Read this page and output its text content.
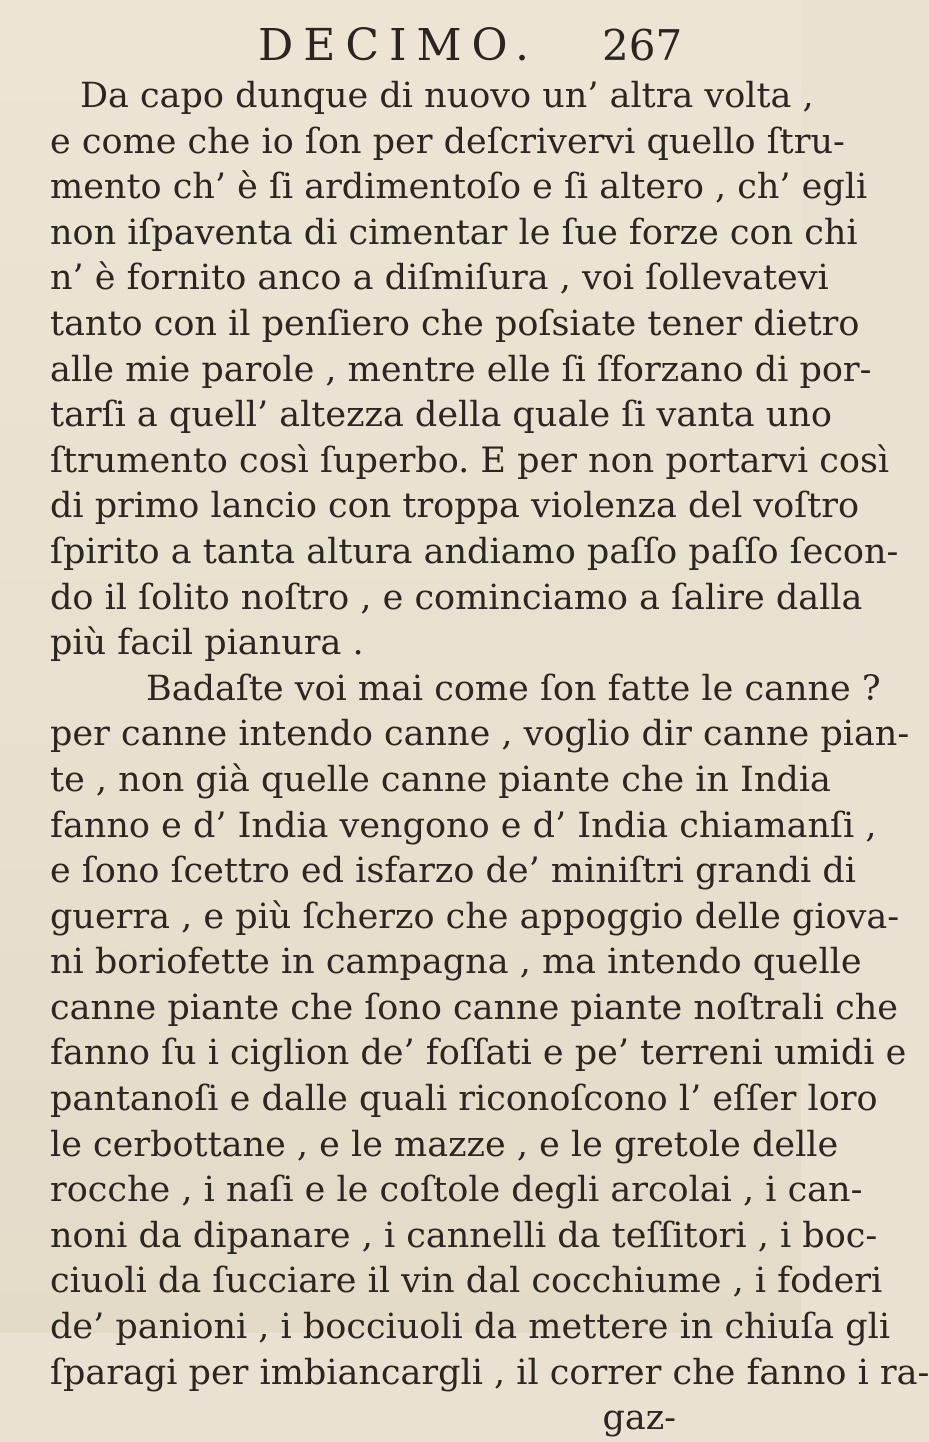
DECIMO. 267
Da capo dunque di nuovo un’ altra volta ,
e come che io ſon per deſcrivervi quello ſtru-
mento ch’ è ſi ardimentoſo e ſi altero , ch’ egli
non iſpaventa di cimentar le ſue forze con chi
n’ è fornito anco a diſmiſura , voi ſollevatevi
tanto con il penſiero che poſsiate tener dietro
alle mie parole , mentre elle ſi ſforzano di por-
tarſi a quell’ altezza della quale ſi vanta uno
ſtrumento così ſuperbo. E per non portarvi così
di primo lancio con troppa violenza del voſtro
ſpirito a tanta altura andiamo paſſo paſſo ſecon-
do il ſolito noſtro , e cominciamo a ſalire dalla
più facil pianura .
Badaſte voi mai come ſon fatte le canne ?
per canne intendo canne , voglio dir canne pian-
te , non già quelle canne piante che in India
fanno e d’ India vengono e d’ India chiamanſi ,
e ſono ſcettro ed isfarzo de’ miniſtri grandi di
guerra , e più ſcherzo che appoggio delle giova-
ni boriofette in campagna , ma intendo quelle
canne piante che ſono canne piante noſtrali che
fanno ſu i ciglion de’ foſſati e pe’ terreni umidi e
pantanoſi e dalle quali riconoſcono l’ eſſer loro
le cerbottane , e le mazze , e le gretole delle
rocche , i naſi e le coſtole degli arcolai , i can-
noni da dipanare , i cannelli da teſſitori , i boc-
ciuoli da ſucciare il vin dal cocchiume , i foderi
de’ panioni , i bocciuoli da mettere in chiuſa gli
ſparagi per imbiancargli , il correr che fanno i ra-
gaz-
